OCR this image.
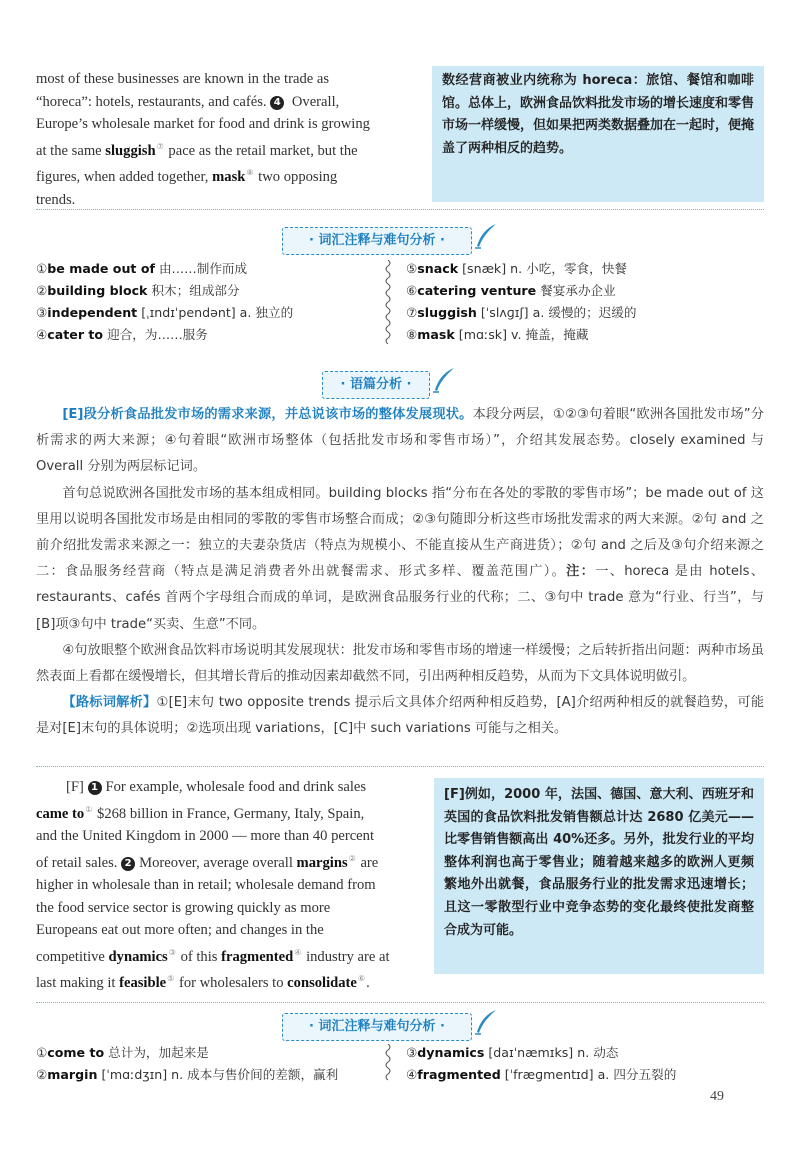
most of these businesses are known in the trade as
“horeca”: hotels, restaurants, and cafés. 4 Overall,
Europe’s wholesale market for food and drink is growing
at the same sluggish⑦ pace as the retail market, but the
figures, when added together, mask⑧ two opposing
trends.
数经营商被业内统称为 horeca：旅馆、餐馆和咖啡馆。总体上，欧洲食品饮料批发市场的增长速度和零售市场一样缓慢，但如果把两类数据叠加在一起时，便掩盖了两种相反的趋势。
· 词汇注释与难句分析 ·
①be made out of 由……制作而成
②building block 积木；组成部分
③independent [ˌɪndɪˈpendənt] a. 独立的
④cater to 迎合，为……服务
⑤snack [snæk] n. 小吃，零食，快餐
⑥catering venture 餐宴承办企业
⑦sluggish [ˈslʌɡɪʃ] a. 缓慢的；迟缓的
⑧mask [mɑːsk] v. 掩盖，掩藏
· 语篇分析 ·

[E]段分析食品批发市场的需求来源，并总说该市场的整体发展现状。本段分两层，①②③句着眼“欧洲各国批发市场”分析需求的两大来源；④句着眼“欧洲市场整体（包括批发市场和零售市场）”，介绍其发展态势。closely examined 与 Overall 分别为两层标记词。

首句总说欧洲各国批发市场的基本组成相同。building blocks 指“分布在各处的零散的零售市场”；be made out of 这里用以说明各国批发市场是由相同的零散的零售市场整合而成；②③句随即分析这些市场批发需求的两大来源。②句 and 之前介绍批发需求来源之一：独立的夫妻杂货店（特点为规模小、不能直接从生产商进货）；②句 and 之后及③句介绍来源之二：食品服务经营商（特点是满足消费者外出就餐需求、形式多样、覆盖范围广）。注：一、horeca 是由 hotels、restaurants、cafés 首两个字母组合而成的单词，是欧洲食品服务行业的代称；二、③句中 trade 意为“行业、行当”，与[B]项③句中 trade“买卖、生意”不同。

④句放眼整个欧洲食品饮料市场说明其发展现状：批发市场和零售市场的增速一样缓慢；之后转折指出问题：两种市场虽然表面上看都在缓慢增长，但其增长背后的推动因素却截然不同，引出两种相反趋势，从而为下文具体说明做引。

【路标词解析】①[E]末句 two opposite trends 提示后文具体介绍两种相反趋势，[A]介绍两种相反的就餐趋势，可能是对[E]末句的具体说明；②选项出现 variations，[C]中 such variations 可能与之相关。

[F] 1 For example, wholesale food and drink sales
came to① $268 billion in France, Germany, Italy, Spain,
and the United Kingdom in 2000 — more than 40 percent
of retail sales. 2 Moreover, average overall margins② are
higher in wholesale than in retail; wholesale demand from
the food service sector is growing quickly as more
Europeans eat out more often; and changes in the
competitive dynamics③ of this fragmented④ industry are at
last making it feasible⑤ for wholesalers to consolidate⑥.
[F]例如，2000 年，法国、德国、意大利、西班牙和英国的食品饮料批发销售额总计达 2680 亿美元——比零售销售额高出 40%还多。另外，批发行业的平均整体利润也高于零售业；随着越来越多的欧洲人更频繁地外出就餐，食品服务行业的批发需求迅速增长；且这一零散型行业中竞争态势的变化最终使批发商整合成为可能。
· 词汇注释与难句分析 ·
①come to 总计为，加起来是
②margin [ˈmɑːdʒɪn] n. 成本与售价间的差额，赢利
③dynamics [daɪˈnæmɪks] n. 动态
④fragmented [ˈfræɡmentɪd] a. 四分五裂的
49
